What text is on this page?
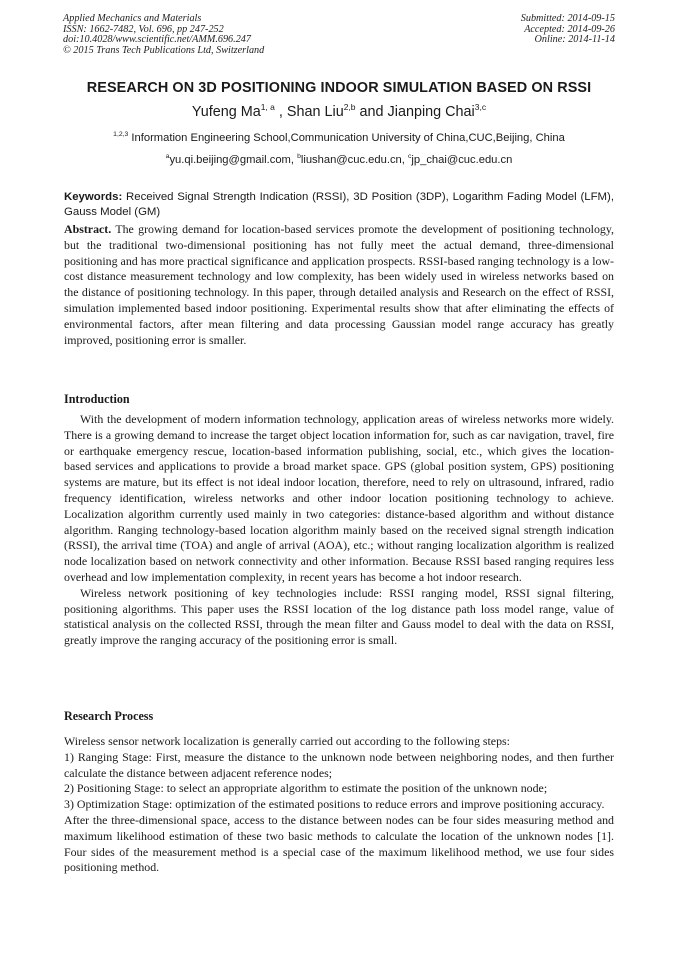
Applied Mechanics and Materials
ISSN: 1662-7482, Vol. 696, pp 247-252
doi:10.4028/www.scientific.net/AMM.696.247
© 2015 Trans Tech Publications Ltd, Switzerland
Submitted: 2014-09-15
Accepted: 2014-09-26
Online: 2014-11-14
RESEARCH ON 3D POSITIONING INDOOR SIMULATION BASED ON RSSI
Yufeng Ma$^{1, a}$ , Shan Liu$^{2,b}$ and Jianping Chai$^{3,c}$
$^{1,2,3}$ Information Engineering School,Communication University of China,CUC,Beijing, China
$^a$yu.qi.beijing@gmail.com, $^b$liushan@cuc.edu.cn, $^c$jp_chai@cuc.edu.cn
Keywords: Received Signal Strength Indication (RSSI), 3D Position (3DP), Logarithm Fading Model (LFM), Gauss Model (GM)

Abstract. The growing demand for location-based services promote the development of positioning technology, but the traditional two-dimensional positioning has not fully meet the actual demand, three-dimensional positioning and has more practical significance and application prospects. RSSI-based ranging technology is a low-cost distance measurement technology and low complexity, has been widely used in wireless networks based on the distance of positioning technology. In this paper, through detailed analysis and Research on the effect of RSSI, simulation implemented based indoor positioning. Experimental results show that after eliminating the effects of environmental factors, after mean filtering and data processing Gaussian model range accuracy has greatly improved, positioning error is smaller.

Introduction

With the development of modern information technology, application areas of wireless networks more widely. There is a growing demand to increase the target object location information for, such as car navigation, travel, fire or earthquake emergency rescue, location-based information publishing, social, etc., which gives the location-based services and applications to provide a broad market space. GPS (global position system, GPS) positioning systems are mature, but its effect is not ideal indoor location, therefore, need to rely on ultrasound, infrared, radio frequency identification, wireless networks and other indoor location positioning technology to achieve. Localization algorithm currently used mainly in two categories: distance-based algorithm and without distance algorithm. Ranging technology-based location algorithm mainly based on the received signal strength indication (RSSI), the arrival time (TOA) and angle of arrival (AOA), etc.; without ranging localization algorithm is realized node localization based on network connectivity and other information. Because RSSI based ranging requires less overhead and low implementation complexity, in recent years has become a hot indoor research.

Wireless network positioning of key technologies include: RSSI ranging model, RSSI signal filtering, positioning algorithms. This paper uses the RSSI location of the log distance path loss model range, value of statistical analysis on the collected RSSI, through the mean filter and Gauss model to deal with the data on RSSI, greatly improve the ranging accuracy of the positioning error is small.

Research Process

Wireless sensor network localization is generally carried out according to the following steps:

1) Ranging Stage: First, measure the distance to the unknown node between neighboring nodes, and then further calculate the distance between adjacent reference nodes;

2) Positioning Stage: to select an appropriate algorithm to estimate the position of the unknown node;

3) Optimization Stage: optimization of the estimated positions to reduce errors and improve positioning accuracy.

After the three-dimensional space, access to the distance between nodes can be four sides measuring method and maximum likelihood estimation of these two basic methods to calculate the location of the unknown nodes [1]. Four sides of the measurement method is a special case of the maximum likelihood method, we use four sides positioning method.
